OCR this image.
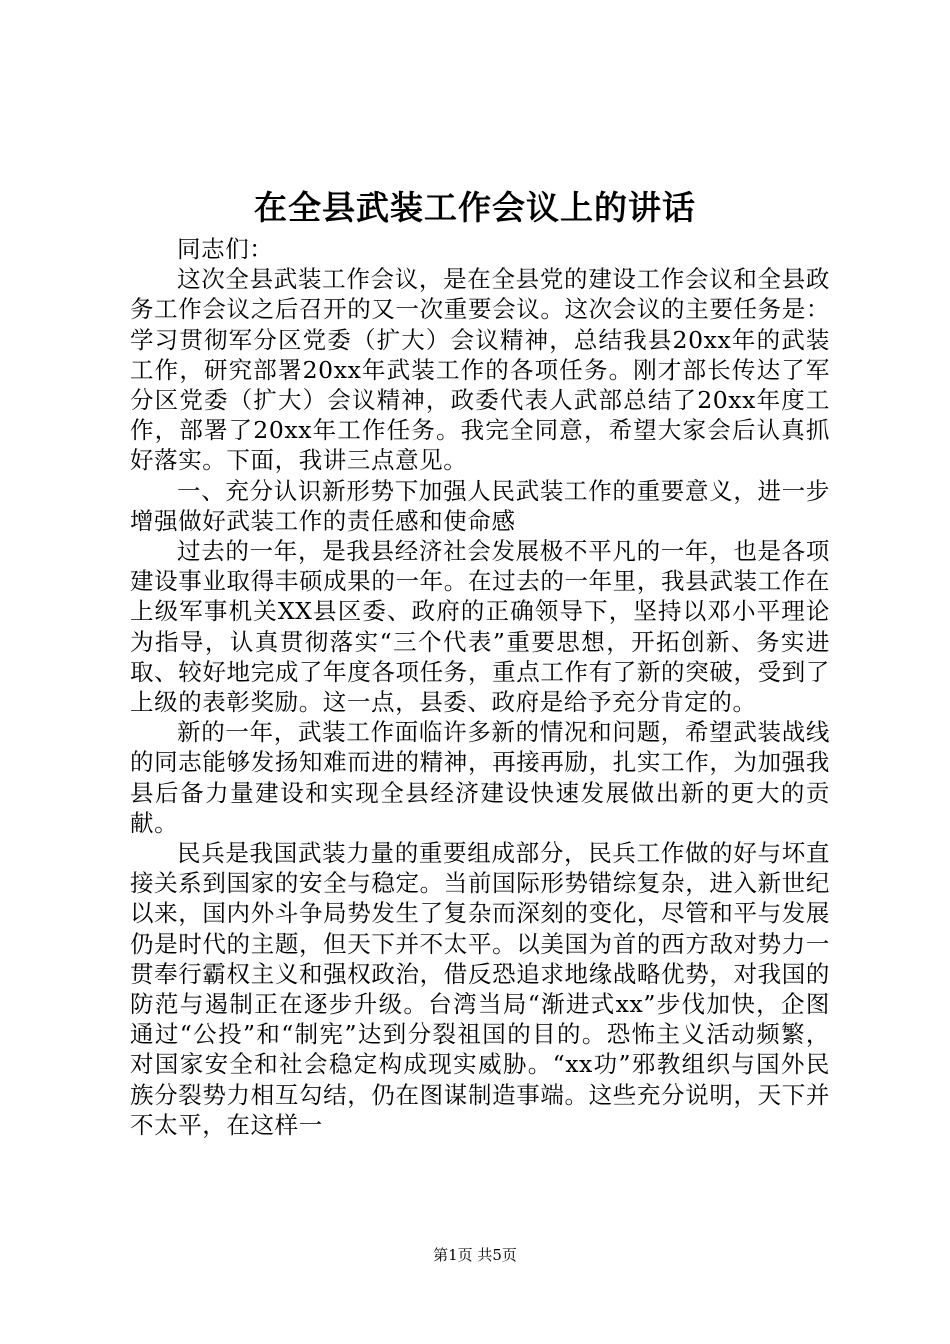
在全县武装工作会议上的讲话

同志们：

这次全县武装工作会议，是在全县党的建设工作会议和全县政务工作会议之后召开的又一次重要会议。这次会议的主要任务是：学习贯彻军分区党委（扩大）会议精神，总结我县20xx年的武装工作，研究部署20xx年武装工作的各项任务。刚才部长传达了军分区党委（扩大）会议精神，政委代表人武部总结了20xx年度工作，部署了20xx年工作任务。我完全同意，希望大家会后认真抓好落实。下面，我讲三点意见。

一、充分认识新形势下加强人民武装工作的重要意义，进一步增强做好武装工作的责任感和使命感

过去的一年，是我县经济社会发展极不平凡的一年，也是各项建设事业取得丰硕成果的一年。在过去的一年里，我县武装工作在上级军事机关XX县区委、政府的正确领导下，坚持以邓小平理论为指导，认真贯彻落实“三个代表”重要思想，开拓创新、务实进取、较好地完成了年度各项任务，重点工作有了新的突破，受到了上级的表彰奖励。这一点，县委、政府是给予充分肯定的。

新的一年，武装工作面临许多新的情况和问题，希望武装战线的同志能够发扬知难而进的精神，再接再励，扎实工作，为加强我县后备力量建设和实现全县经济建设快速发展做出新的更大的贡献。

民兵是我国武装力量的重要组成部分，民兵工作做的好与坏直接关系到国家的安全与稳定。当前国际形势错综复杂，进入新世纪以来，国内外斗争局势发生了复杂而深刻的变化，尽管和平与发展仍是时代的主题，但天下并不太平。以美国为首的西方敌对势力一贯奉行霸权主义和强权政治，借反恐追求地缘战略优势，对我国的防范与遏制正在逐步升级。台湾当局“渐进式xx”步伐加快，企图通过“公投”和“制宪”达到分裂祖国的目的。恐怖主义活动频繁，对国家安全和社会稳定构成现实威胁。“xx功”邪教组织与国外民族分裂势力相互勾结，仍在图谋制造事端。这些充分说明，天下并不太平，在这样一

第1页 共5页
